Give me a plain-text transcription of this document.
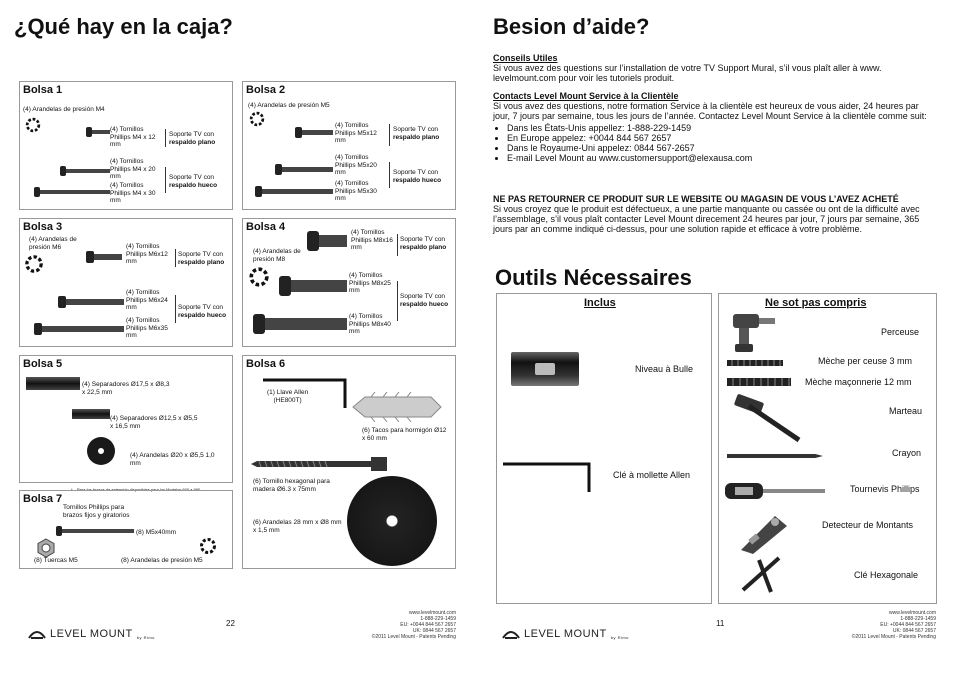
¿Qué hay en la caja?
Bolsa 1
(4) Arandelas de presión M4
(4) Tornillos Phillips M4 x 12 mm
(4) Tornillos Phillips M4 x 20 mm
(4) Tornillos Phillips M4 x 30 mm
Soporte TV con
respaldo plano
Soporte TV con
respaldo hueco
Bolsa 2
(4) Arandelas de presión M5
(4) Tornillos Phillips M5x12 mm
(4) Tornillos Phillips M5x20 mm
(4) Tornillos Phillips M5x30 mm
Soporte TV con
respaldo plano
Soporte TV con
respaldo hueco
Bolsa 3
(4) Arandelas de presión M6	(4) Tornillos Phillips M6x12 mm
(4) Tornillos Phillips M6x24 mm
(4) Tornillos Phillips M6x35 mm
Soporte TV con
respaldo plano
Soporte TV con
respaldo hueco
Bolsa 4
(4) Arandelas de presión M8
(4) Tornillos Phillips M8x16 mm
(4) Tornillos Phillips M8x25 mm
(4) Tornillos Phillips M8x40 mm
Soporte TV con
respaldo plano
Soporte TV con
respaldo hueco
Bolsa 5
(4) Separadores Ø17,5 x Ø8,3 x 22,5 mm
(4) Separadores Ø12,5 x Ø5,5 x 16,5 mm
(4) Arandelas Ø20 x Ø5,5 1,0 mm
* – Para los brazos de extensión disponibles para los Modelos 600 a 980
Bolsa 6
(1) Llave Allen
(HE800T)
(6) Tacos para hormigón Ø12 x 60 mm
(6) Tornillo hexagonal para madera Ø6.3 x 75mm
(6) Arandelas 28 mm x Ø8 mm x 1,5 mm
Bolsa 7
Tornillos Phillips para brazos fijos y giratorios
(8) M5x40mm
(8) Tuercas M5	(8) Arandelas de presión M5
22
LEVEL MOUNT by Rimo
www.levelmount.com
1-888-229-1459
EU: +0044 844 567 2657
UK: 0844 567 2657
©2011 Level Mount - Patents Pending
Besion d’aide?
Conseils Utiles
Si vous avez des questions sur l’installation de votre TV Support Mural, s’il vous plaît aller à www. levelmount.com pour voir les tutoriels produit.
Contacts Level Mount Service à la Clientèle
Si vous avez des questions, notre formation Service à la clientèle est heureux de vous aider, 24 heures par jour, 7 jours par semaine, tous les jours de l’année. Contactez Level Mount Service à la clientèle comme suit:
• Dans les États-Unis appellez: 1-888-229-1459
• En Europe appelez: +0044 844 567 2657
• Dans le Royaume-Uni appelez: 0844 567-2657
• E-mail Level Mount au www.customersupport@elexausa.com
NE PAS RETOURNER CE PRODUIT SUR LE WEBSITE OU MAGASIN DE VOUS L’AVEZ ACHETÉ
Si vous croyez que le produit est défectueux, a une partie manquante ou cassée ou ont de la difficulté avec l’assemblage, s’il vous plaît contacter Level Mount direcement 24 heures par jour, 7 jours par semaine, 365 jours par an comme indiqué ci-dessus, pour une solution rapide et efficace à votre problème.
Outils Nécessaires
Inclus
Niveau à Bulle
Clé à mollette Allen
Ne sot pas compris
Perceuse
Mèche per ceuse 3 mm
Mèche maçonnerie 12 mm
Marteau
Crayon
Tournevis Phillips
Detecteur de Montants
Clé Hexagonale
11
LEVEL MOUNT by Rimo
www.levelmount.com
1-888-229-1459
EU: +0044 844 567 2657
UK: 0844 567 2657
©2011 Level Mount - Patents Pending
